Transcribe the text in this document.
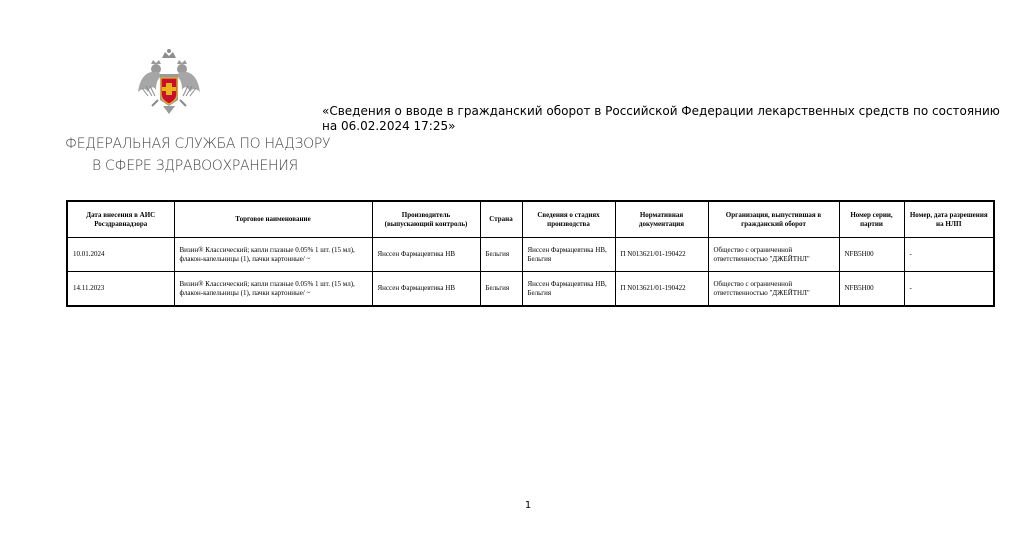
ФЕДЕРАЛЬНАЯ СЛУЖБА ПО НАДЗОРУ
В СФЕРЕ ЗДРАВООХРАНЕНИЯ
«Сведения о вводе в гражданский оборот в Российской Федерации лекарственных средств по состоянию на 06.02.2024 17:25»
Дата внесения в АИС Росздравнадзора	Торговое наименование	Производитель (выпускающий контроль)	Страна	Сведения о стадиях производства	Нормативная документация	Организация, выпустившая в гражданский оборот	Номер серии, партии	Номер, дата разрешения на НЛП
10.01.2024	Визин® Классический; капли глазные 0.05% 1 шт. (15 мл), флакон-капельницы (1), пачки картонные/ ~	Янссен Фармацевтика НВ	Бельгия	Янссен Фармацевтика НВ, Бельгия	П N013621/01-190422	Общество с ограниченной ответственностью "ДЖЕЙТНЛ"	NFB5H00	-
14.11.2023	Визин® Классический; капли глазные 0.05% 1 шт. (15 мл), флакон-капельницы (1), пачки картонные/ ~	Янссен Фармацевтика НВ	Бельгия	Янссен Фармацевтика НВ, Бельгия	П N013621/01-190422	Общество с ограниченной ответственностью "ДЖЕЙТНЛ"	NFB5H00	-
1
